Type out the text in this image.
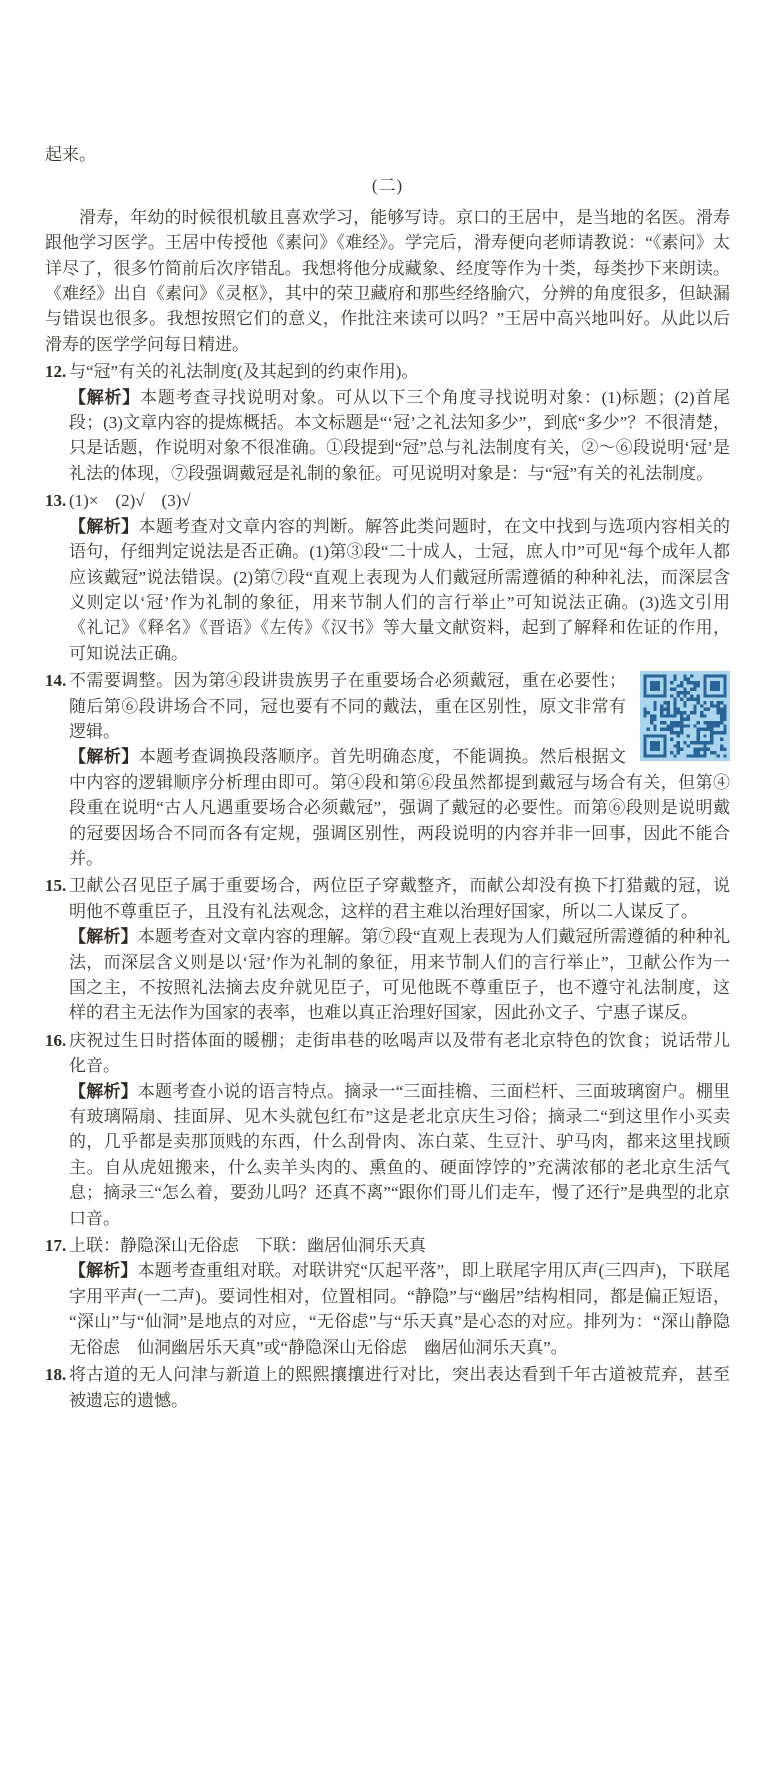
起来。
(二)
滑寿，年幼的时候很机敏且喜欢学习，能够写诗。京口的王居中，是当地的名医。滑寿跟他学习医学。王居中传授他《素问》《难经》。学完后，滑寿便向老师请教说：“《素问》太详尽了，很多竹简前后次序错乱。我想将他分成藏象、经度等作为十类，每类抄下来朗读。《难经》出自《素问》《灵枢》，其中的荣卫藏府和那些经络腧穴，分辨的角度很多，但缺漏与错误也很多。我想按照它们的意义，作批注来读可以吗？”王居中高兴地叫好。从此以后滑寿的医学学问每日精进。
12. 与“冠”有关的礼法制度(及其起到的约束作用)。
【解析】本题考查寻找说明对象。可从以下三个角度寻找说明对象：(1)标题；(2)首尾段；(3)文章内容的提炼概括。本文标题是“‘冠’之礼法知多少”，到底“多少”？不很清楚，只是话题，作说明对象不很准确。①段提到“冠”总与礼法制度有关，②～⑥段说明‘冠’是礼法的体现，⑦段强调戴冠是礼制的象征。可见说明对象是：与“冠”有关的礼法制度。
13. (1)×　(2)√　(3)√
【解析】本题考查对文章内容的判断。解答此类问题时，在文中找到与选项内容相关的语句，仔细判定说法是否正确。(1)第③段“二十成人，士冠，庶人巾”可见“每个成年人都应该戴冠”说法错误。(2)第⑦段“直观上表现为人们戴冠所需遵循的种种礼法，而深层含义则定以‘冠’作为礼制的象征，用来节制人们的言行举止”可知说法正确。(3)选文引用《礼记》《释名》《晋语》《左传》《汉书》等大量文献资料，起到了解释和佐证的作用，可知说法正确。
14. 不需要调整。因为第④段讲贵族男子在重要场合必须戴冠，重在必要性；随后第⑥段讲场合不同，冠也要有不同的戴法，重在区别性，原文非常有逻辑。
【解析】本题考查调换段落顺序。首先明确态度，不能调换。然后根据文中内容的逻辑顺序分析理由即可。第④段和第⑥段虽然都提到戴冠与场合有关，但第④段重在说明“古人凡遇重要场合必须戴冠”，强调了戴冠的必要性。而第⑥段则是说明戴的冠要因场合不同而各有定规，强调区别性，两段说明的内容并非一回事，因此不能合并。
15. 卫献公召见臣子属于重要场合，两位臣子穿戴整齐，而献公却没有换下打猎戴的冠，说明他不尊重臣子，且没有礼法观念，这样的君主难以治理好国家，所以二人谋反了。
【解析】本题考查对文章内容的理解。第⑦段“直观上表现为人们戴冠所需遵循的种种礼法，而深层含义则是以‘冠’作为礼制的象征，用来节制人们的言行举止”，卫献公作为一国之主，不按照礼法摘去皮弁就见臣子，可见他既不尊重臣子，也不遵守礼法制度，这样的君主无法作为国家的表率，也难以真正治理好国家，因此孙文子、宁惠子谋反。
16. 庆祝过生日时搭体面的暖棚；走街串巷的吆喝声以及带有老北京特色的饮食；说话带儿化音。
【解析】本题考查小说的语言特点。摘录一“三面挂檐、三面栏杆、三面玻璃窗户。棚里有玻璃隔扇、挂面屏、见木头就包红布”这是老北京庆生习俗；摘录二“到这里作小买卖的，几乎都是卖那顶贱的东西，什么刮骨肉、冻白菜、生豆汁、驴马肉，都来这里找顾主。自从虎妞搬来，什么卖羊头肉的、熏鱼的、硬面饽饽的”充满浓郁的老北京生活气息；摘录三“怎么着，要劲儿吗？还真不离”“跟你们哥儿们走车，慢了还行”是典型的北京口音。
17. 上联：静隐深山无俗虑　下联：幽居仙洞乐天真
【解析】本题考查重组对联。对联讲究“仄起平落”，即上联尾字用仄声(三四声)，下联尾字用平声(一二声)。要词性相对，位置相同。“静隐”与“幽居”结构相同，都是偏正短语，“深山”与“仙洞”是地点的对应，“无俗虑”与“乐天真”是心态的对应。排列为：“深山静隐无俗虑　仙洞幽居乐天真”或“静隐深山无俗虑　幽居仙洞乐天真”。
18. 将古道的无人问津与新道上的熙熙攘攘进行对比，突出表达看到千年古道被荒弃，甚至被遗忘的遗憾。
